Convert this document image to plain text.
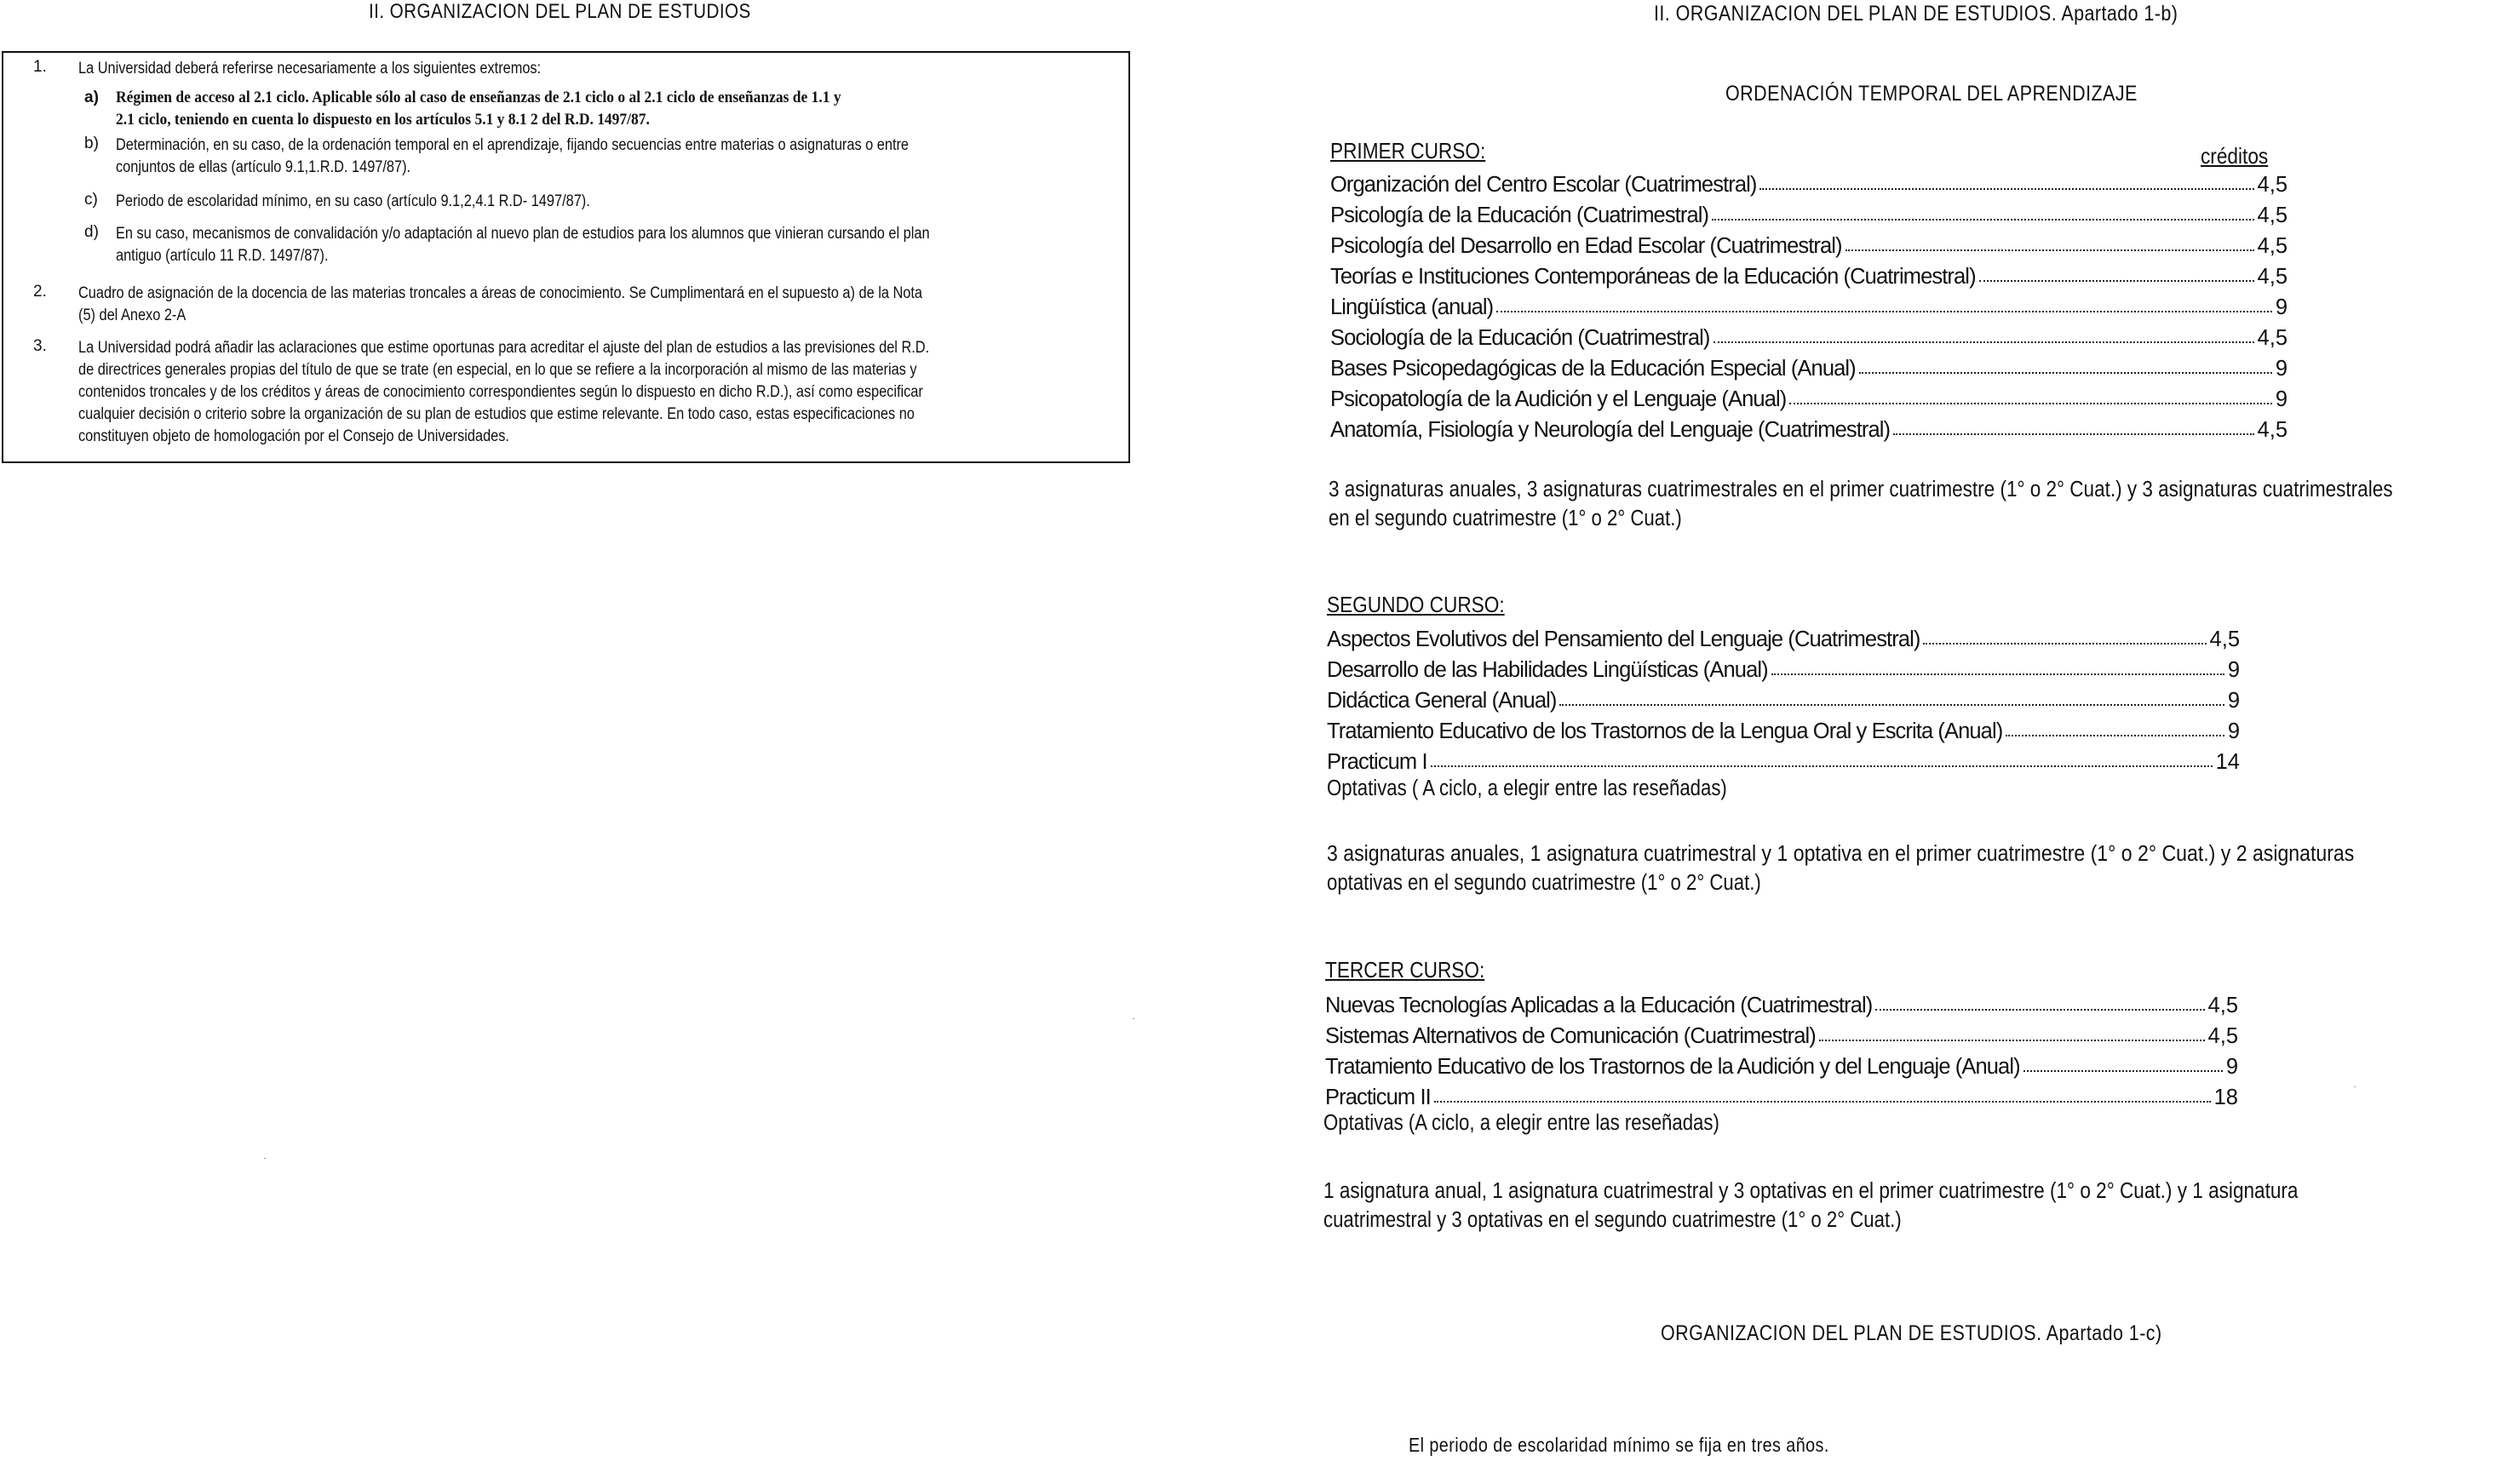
II. ORGANIZACION DEL PLAN DE ESTUDIOS
1. La Universidad deberá referirse necesariamente a los siguientes extremos:
a) Régimen de acceso al 2.1 ciclo. Aplicable sólo al caso de enseñanzas de 2.1 ciclo o al 2.1 ciclo de enseñanzas de 1.1 y
2.1 ciclo, teniendo en cuenta lo dispuesto en los artículos 5.1 y 8.1 2 del R.D. 1497/87.
b) Determinación, en su caso, de la ordenación temporal en el aprendizaje, fijando secuencias entre materias o asignaturas o entre
conjuntos de ellas (artículo 9.1,1.R.D. 1497/87).
c) Periodo de escolaridad mínimo, en su caso (artículo 9.1,2,4.1 R.D- 1497/87).
d) En su caso, mecanismos de convalidación y/o adaptación al nuevo plan de estudios para los alumnos que vinieran cursando el plan
antiguo (artículo 11 R.D. 1497/87).
2. Cuadro de asignación de la docencia de las materias troncales a áreas de conocimiento. Se Cumplimentará en el supuesto a) de la Nota
(5) del Anexo 2-A
3. La Universidad podrá añadir las aclaraciones que estime oportunas para acreditar el ajuste del plan de estudios a las previsiones del R.D.
de directrices generales propias del título de que se trate (en especial, en lo que se refiere a la incorporación al mismo de las materias y
contenidos troncales y de los créditos y áreas de conocimiento correspondientes según lo dispuesto en dicho R.D.), así como especificar
cualquier decisión o criterio sobre la organización de su plan de estudios que estime relevante. En todo caso, estas especificaciones no
constituyen objeto de homologación por el Consejo de Universidades.
II. ORGANIZACION DEL PLAN DE ESTUDIOS. Apartado 1-b)
ORDENACIÓN TEMPORAL DEL APRENDIZAJE
PRIMER CURSO:	créditos
Organización del Centro Escolar (Cuatrimestral)	4,5
Psicología de la Educación (Cuatrimestral)	4,5
Psicología del Desarrollo en Edad Escolar (Cuatrimestral)	4,5
Teorías e Instituciones Contemporáneas de la Educación (Cuatrimestral)	4,5
Lingüística (anual)	9
Sociología de la Educación (Cuatrimestral)	4,5
Bases Psicopedagógicas de la Educación Especial (Anual)	9
Psicopatología de la Audición y el Lenguaje (Anual)	9
Anatomía, Fisiología y Neurología del Lenguaje (Cuatrimestral)	4,5
3 asignaturas anuales, 3 asignaturas cuatrimestrales en el primer cuatrimestre (1° o 2° Cuat.) y 3 asignaturas cuatrimestrales
en el segundo cuatrimestre (1° o 2° Cuat.)
SEGUNDO CURSO:
Aspectos Evolutivos del Pensamiento del Lenguaje (Cuatrimestral)	4,5
Desarrollo de las Habilidades Lingüísticas (Anual)	9
Didáctica General (Anual)	9
Tratamiento Educativo de los Trastornos de la Lengua Oral y Escrita (Anual)	9
Practicum I	14
Optativas ( A ciclo, a elegir entre las reseñadas)
3 asignaturas anuales, 1 asignatura cuatrimestral y 1 optativa en el primer cuatrimestre (1° o 2° Cuat.) y 2 asignaturas
optativas en el segundo cuatrimestre (1° o 2° Cuat.)
TERCER CURSO:
Nuevas Tecnologías Aplicadas a la Educación (Cuatrimestral)	4,5
Sistemas Alternativos de Comunicación (Cuatrimestral)	4,5
Tratamiento Educativo de los Trastornos de la Audición y del Lenguaje (Anual)	9
Practicum II	18
Optativas (A ciclo, a elegir entre las reseñadas)
1 asignatura anual, 1 asignatura cuatrimestral y 3 optativas en el primer cuatrimestre (1° o 2° Cuat.) y 1 asignatura
cuatrimestral y 3 optativas en el segundo cuatrimestre (1° o 2° Cuat.)
ORGANIZACION DEL PLAN DE ESTUDIOS. Apartado 1-c)
El periodo de escolaridad mínimo se fija en tres años.
